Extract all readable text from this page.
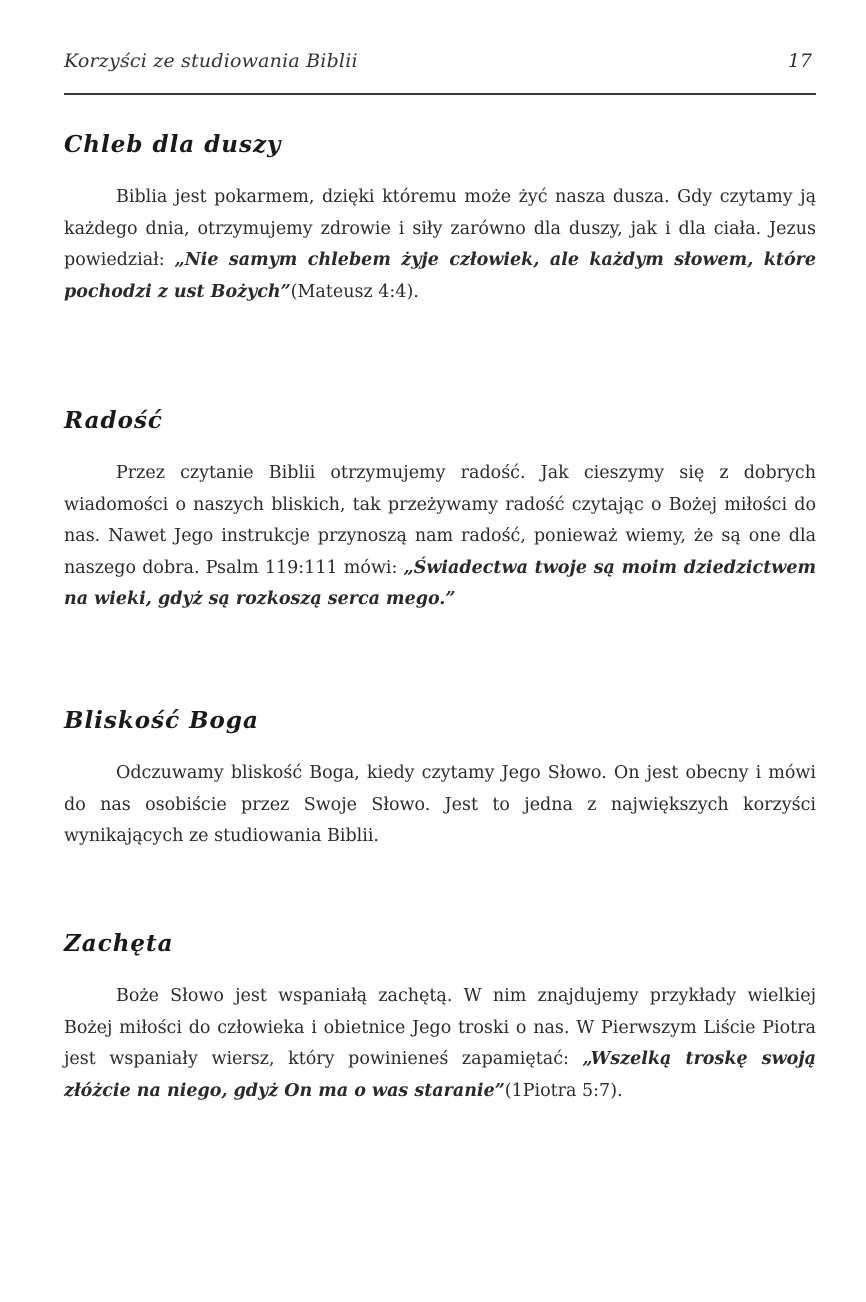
Korzyści ze studiowania Biblii	17
Chleb dla duszy

Biblia jest pokarmem, dzięki któremu może żyć nasza dusza. Gdy czytamy ją każdego dnia, otrzymujemy zdrowie i siły zarówno dla duszy, jak i dla ciała. Jezus powiedział: „Nie samym chlebem żyje człowiek, ale każdym słowem, które pochodzi z ust Bożych”(Mateusz 4:4).

Radość

Przez czytanie Biblii otrzymujemy radość. Jak cieszymy się z dobrych wiadomości o naszych bliskich, tak przeżywamy radość czytając o Bożej miłości do nas. Nawet Jego instrukcje przynoszą nam radość, ponieważ wiemy, że są one dla naszego dobra. Psalm 119:111 mówi: „Świadectwa twoje są moim dziedzictwem na wieki, gdyż są rozkoszą serca mego.”

Bliskość Boga

Odczuwamy bliskość Boga, kiedy czytamy Jego Słowo. On jest obecny i mówi do nas osobiście przez Swoje Słowo. Jest to jedna z największych korzyści wynikających ze studiowania Biblii.

Zachęta

Boże Słowo jest wspaniałą zachętą. W nim znajdujemy przykłady wielkiej Bożej miłości do człowieka i obietnice Jego troski o nas. W Pierwszym Liście Piotra jest wspaniały wiersz, który powinieneś zapamiętać: „Wszelką troskę swoją złóżcie na niego, gdyż On ma o was staranie”(1Piotra 5:7).
